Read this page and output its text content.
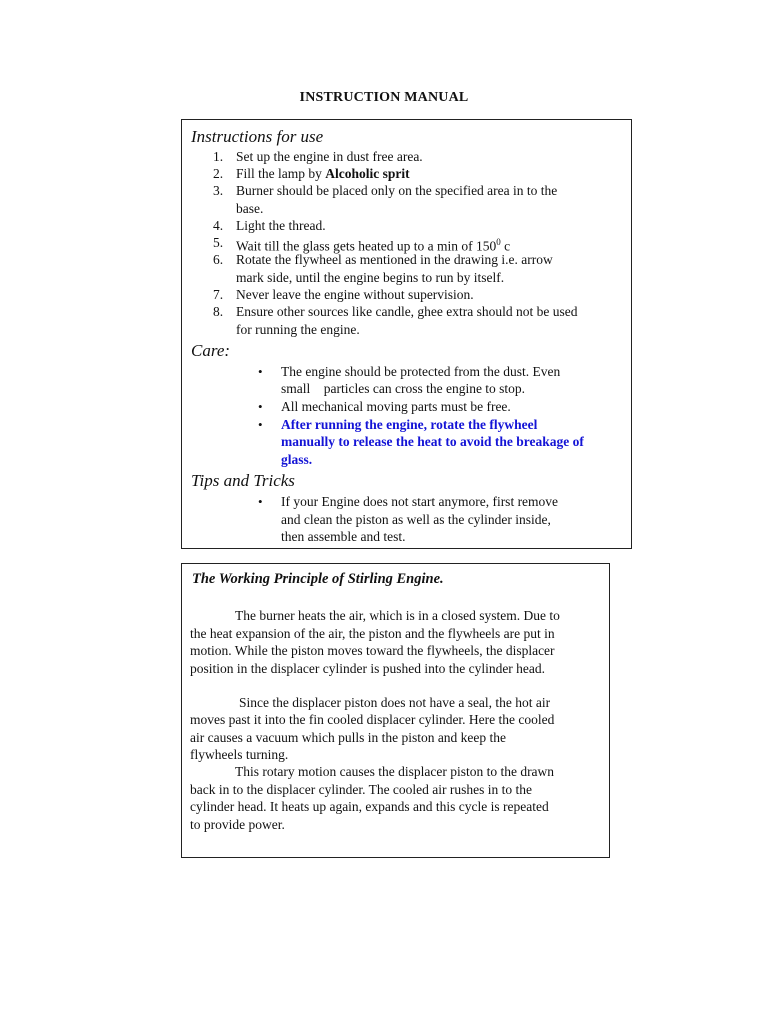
INSTRUCTION MANUAL
Instructions for use
1. Set up the engine in dust free area.
2. Fill the lamp by Alcoholic sprit
3. Burner should be placed only on the specified area in to the
base.
4. Light the thread.
5. Wait till the glass gets heated up to a min of $150^0$ c
6. Rotate the flywheel as mentioned in the drawing i.e. arrow
mark side, until the engine begins to run by itself.
7. Never leave the engine without supervision.
8. Ensure other sources like candle, ghee extra should not be used
for running the engine.
Care:
• The engine should be protected from the dust. Even
small    particles can cross the engine to stop.
• All mechanical moving parts must be free.
• After running the engine, rotate the flywheel
manually to release the heat to avoid the breakage of
glass.
Tips and Tricks
• If your Engine does not start anymore, first remove
and clean the piston as well as the cylinder inside,
then assemble and test.
The Working Principle of Stirling Engine.
The burner heats the air, which is in a closed system. Due to
the heat expansion of the air, the piston and the flywheels are put in
motion. While the piston moves toward the flywheels, the displacer
position in the displacer cylinder is pushed into the cylinder head.
Since the displacer piston does not have a seal, the hot air
moves past it into the fin cooled displacer cylinder. Here the cooled
air causes a vacuum which pulls in the piston and keep the
flywheels turning.
This rotary motion causes the displacer piston to the drawn
back in to the displacer cylinder. The cooled air rushes in to the
cylinder head. It heats up again, expands and this cycle is repeated
to provide power.
